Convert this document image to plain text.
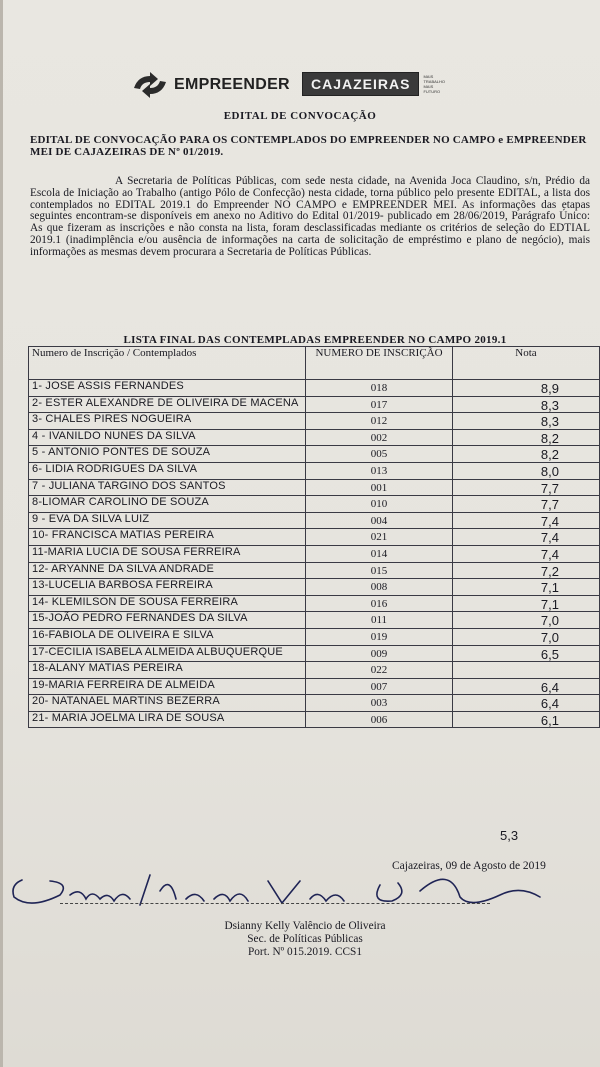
EMPREENDER	CAJAZEIRAS	MAIS TRABALHO MAIS FUTURO
EDITAL DE CONVOCAÇÃO
EDITAL DE CONVOCAÇÃO PARA OS CONTEMPLADOS DO EMPREENDER NO CAMPO e EMPREENDER MEI DE CAJAZEIRAS DE Nº 01/2019.
A Secretaria de Políticas Públicas, com sede nesta cidade, na Avenida Joca Claudino, s/n, Prédio da Escola de Iniciação ao Trabalho (antigo Pólo de Confecção) nesta cidade, torna público pelo presente EDITAL, a lista dos contemplados no EDITAL 2019.1 do Empreender NO CAMPO e EMPREENDER MEI. As informações das etapas seguintes encontram-se disponíveis em anexo no Aditivo do Edital 01/2019- publicado em 28/06/2019, Parágrafo Único: As que fizeram as inscrições e não consta na lista, foram desclassificadas mediante os critérios de seleção do EDTIAL 2019.1 (inadimplência e/ou ausência de informações na carta de solicitação de empréstimo e plano de negócio), mais informações as mesmas devem procurara a Secretaria de Políticas Públicas.
LISTA FINAL DAS CONTEMPLADAS EMPREENDER NO CAMPO 2019.1
Numero de Inscrição / Contemplados	NUMERO DE INSCRIÇÃO	Nota
1- JOSE ASSIS FERNANDES	018	8,9
2- ESTER ALEXANDRE DE OLIVEIRA DE MACENA	017	8,3
3- CHALES PIRES NOGUEIRA	012	8,3
4 - IVANILDO NUNES DA SILVA	002	8,2
5 - ANTONIO PONTES DE SOUZA	005	8,2
6- LIDIA RODRIGUES DA SILVA	013	8,0
7 - JULIANA TARGINO DOS SANTOS	001	7,7
8-LIOMAR CAROLINO DE SOUZA	010	7,7
9 - EVA DA SILVA LUIZ	004	7,4
10- FRANCISCA MATIAS PEREIRA	021	7,4
11-MARIA LUCIA DE SOUSA FERREIRA	014	7,4
12- ARYANNE DA SILVA ANDRADE	015	7,2
13-LUCELIA BARBOSA FERREIRA	008	7,1
14- KLEMILSON DE SOUSA FERREIRA	016	7,1
15-JOÃO PEDRO FERNANDES DA SILVA	011	7,0
16-FABIOLA DE OLIVEIRA E SILVA	019	7,0
17-CECILIA ISABELA ALMEIDA ALBUQUERQUE	009	6,5
18-ALANY MATIAS PEREIRA	022	
19-MARIA FERREIRA DE ALMEIDA	007	6,4
20- NATANAEL MARTINS BEZERRA	003	6,4
21- MARIA JOELMA LIRA DE SOUSA	006	6,1
5,3
Cajazeiras, 09 de Agosto de 2019
Dsianny Kelly Valêncio de Oliveira
Sec. de Políticas Públicas
Port. Nº 015.2019. CCS1
